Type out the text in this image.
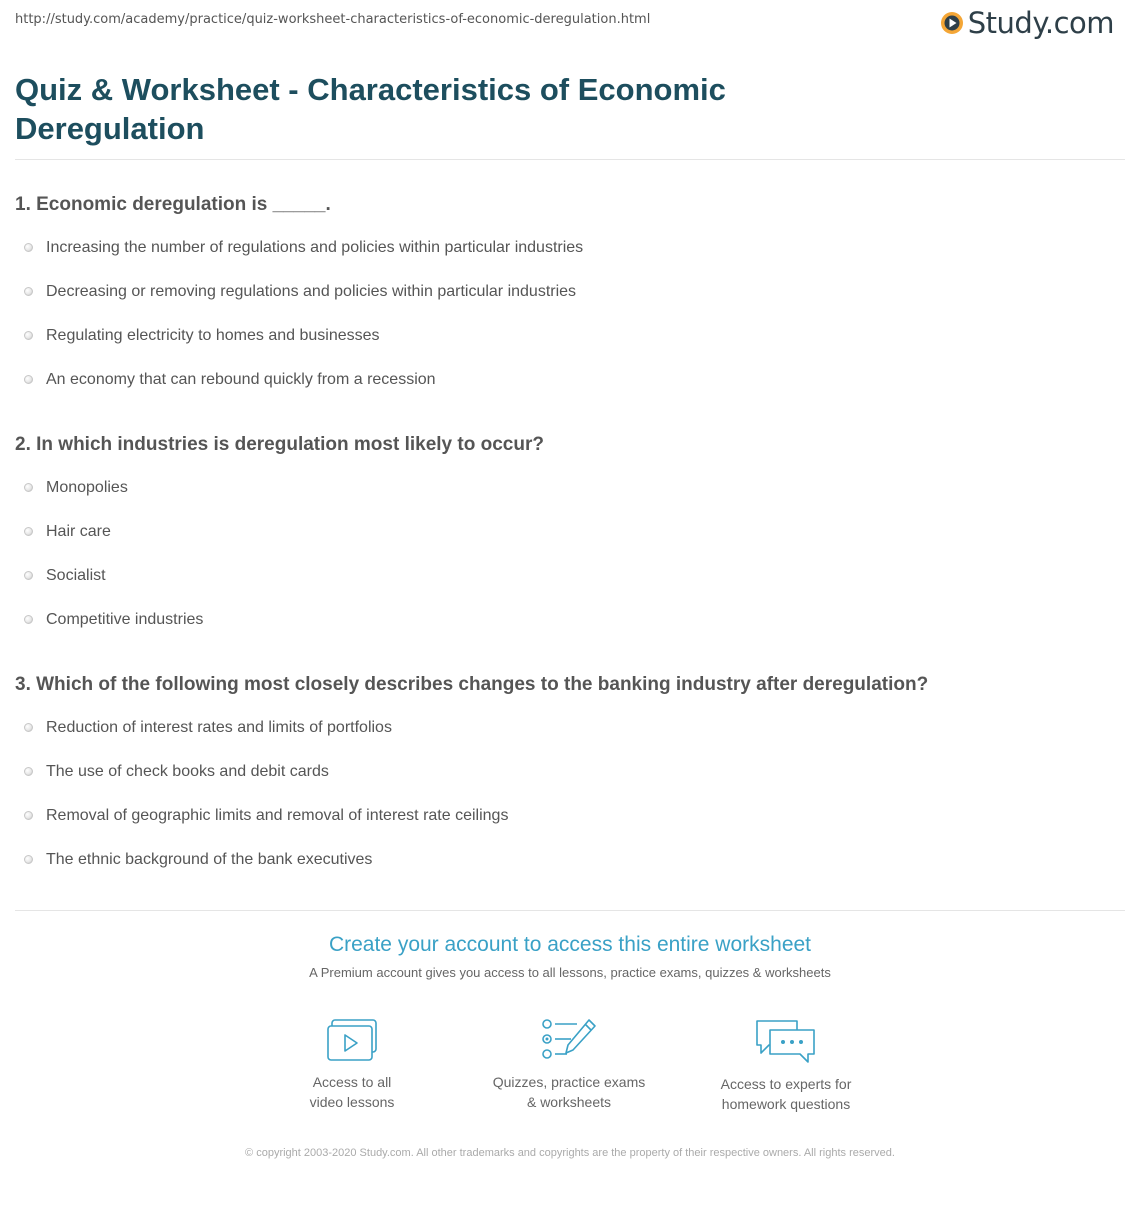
http://study.com/academy/practice/quiz-worksheet-characteristics-of-economic-deregulation.html	Study.com
Quiz & Worksheet - Characteristics of Economic Deregulation
1. Economic deregulation is _____.
Increasing the number of regulations and policies within particular industries
Decreasing or removing regulations and policies within particular industries
Regulating electricity to homes and businesses
An economy that can rebound quickly from a recession
2. In which industries is deregulation most likely to occur?
Monopolies
Hair care
Socialist
Competitive industries
3. Which of the following most closely describes changes to the banking industry after deregulation?
Reduction of interest rates and limits of portfolios
The use of check books and debit cards
Removal of geographic limits and removal of interest rate ceilings
The ethnic background of the bank executives
Create your account to access this entire worksheet
A Premium account gives you access to all lessons, practice exams, quizzes & worksheets
Access to all
video lessons
Quizzes, practice exams
& worksheets
Access to experts for
homework questions
© copyright 2003-2020 Study.com. All other trademarks and copyrights are the property of their respective owners. All rights reserved.
